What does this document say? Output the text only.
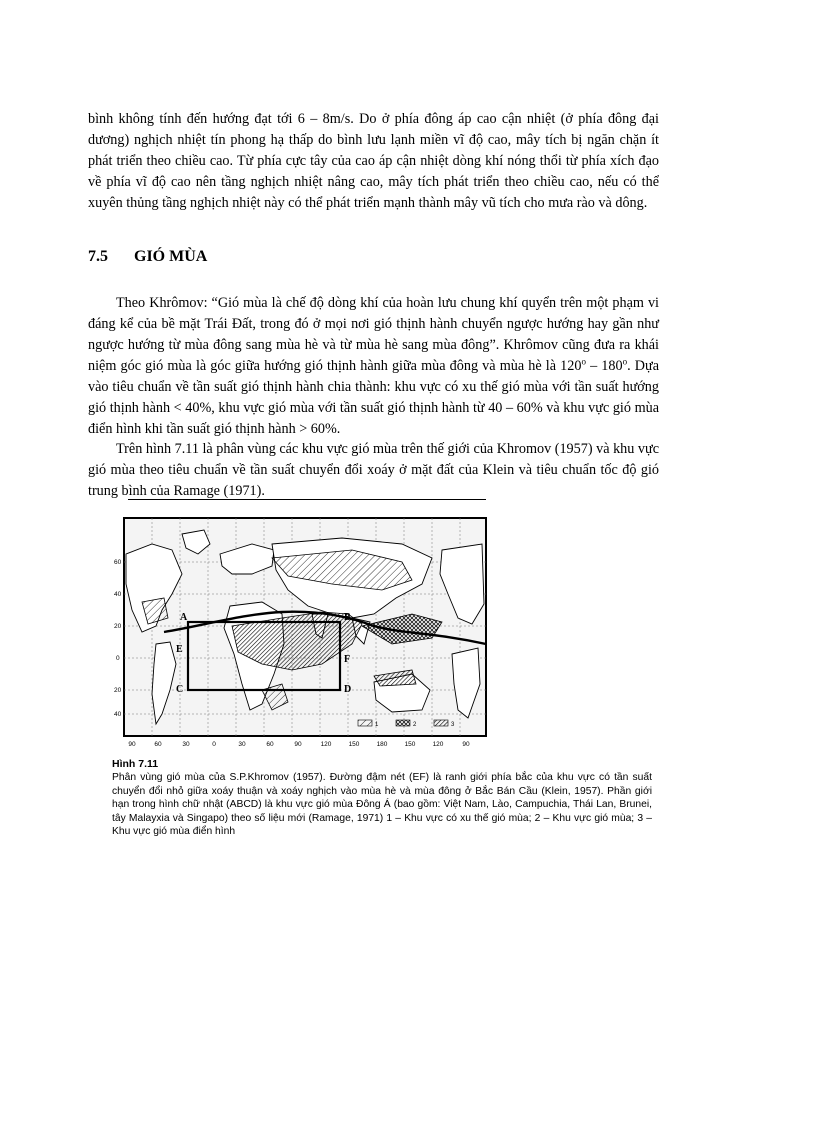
bình không tính đến hướng đạt tới 6 – 8m/s. Do ở phía đông áp cao cận nhiệt (ở phía đông đại dương) nghịch nhiệt tín phong hạ thấp do bình lưu lạnh miền vĩ độ cao, mây tích bị ngăn chặn ít phát triển theo chiều cao. Từ phía cực tây của cao áp cận nhiệt dòng khí nóng thổi từ phía xích đạo về phía vĩ độ cao nên tầng nghịch nhiệt nâng cao, mây tích phát triển theo chiều cao, nếu có thể xuyên thủng tầng nghịch nhiệt này có thể phát triển mạnh thành mây vũ tích cho mưa rào và dông.

7.5 GIÓ MÙA

Theo Khrômov: “Gió mùa là chế độ dòng khí của hoàn lưu chung khí quyển trên một phạm vi đáng kể của bề mặt Trái Đất, trong đó ở mọi nơi gió thịnh hành chuyển ngược hướng hay gần như ngược hướng từ mùa đông sang mùa hè và từ mùa hè sang mùa đông”. Khrômov cũng đưa ra khái niệm góc gió mùa là góc giữa hướng gió thịnh hành giữa mùa đông và mùa hè là 120$^o$ – 180$^o$. Dựa vào tiêu chuẩn về tần suất gió thịnh hành chia thành: khu vực có xu thế gió mùa với tần suất hướng gió thịnh hành < 40%, khu vực gió mùa với tần suất gió thịnh hành từ 40 – 60% và khu vực gió mùa điển hình khi tần suất gió thịnh hành > 60%.

Trên hình 7.11 là phân vùng các khu vực gió mùa trên thế giới của Khromov (1957) và khu vực gió mùa theo tiêu chuẩn về tần suất chuyển đổi xoáy ở mặt đất của Klein và tiêu chuẩn tốc độ gió trung bình của Ramage (1971).

A	B
C	D
E
F
60
40
20
0
20
40
90	60	30	0	30	60	90	120	150	180	150	120	90
1	2	3

Hình 7.11

Phân vùng gió mùa của S.P.Khromov (1957). Đường đậm nét (EF) là ranh giới phía bắc của khu vực có tần suất chuyển đổi nhỏ giữa xoáy thuận và xoáy nghịch vào mùa hè và mùa đông ở Bắc Bán Cầu (Klein, 1957). Phần giới hạn trong hình chữ nhật (ABCD) là khu vực gió mùa Đông Á (bao gồm: Việt Nam, Lào, Campuchia, Thái Lan, Brunei, tây Malayxia và Singapo) theo số liệu mới (Ramage, 1971) 1 – Khu vực có xu thế gió mùa; 2 – Khu vực gió mùa; 3 – Khu vực gió mùa điển hình
